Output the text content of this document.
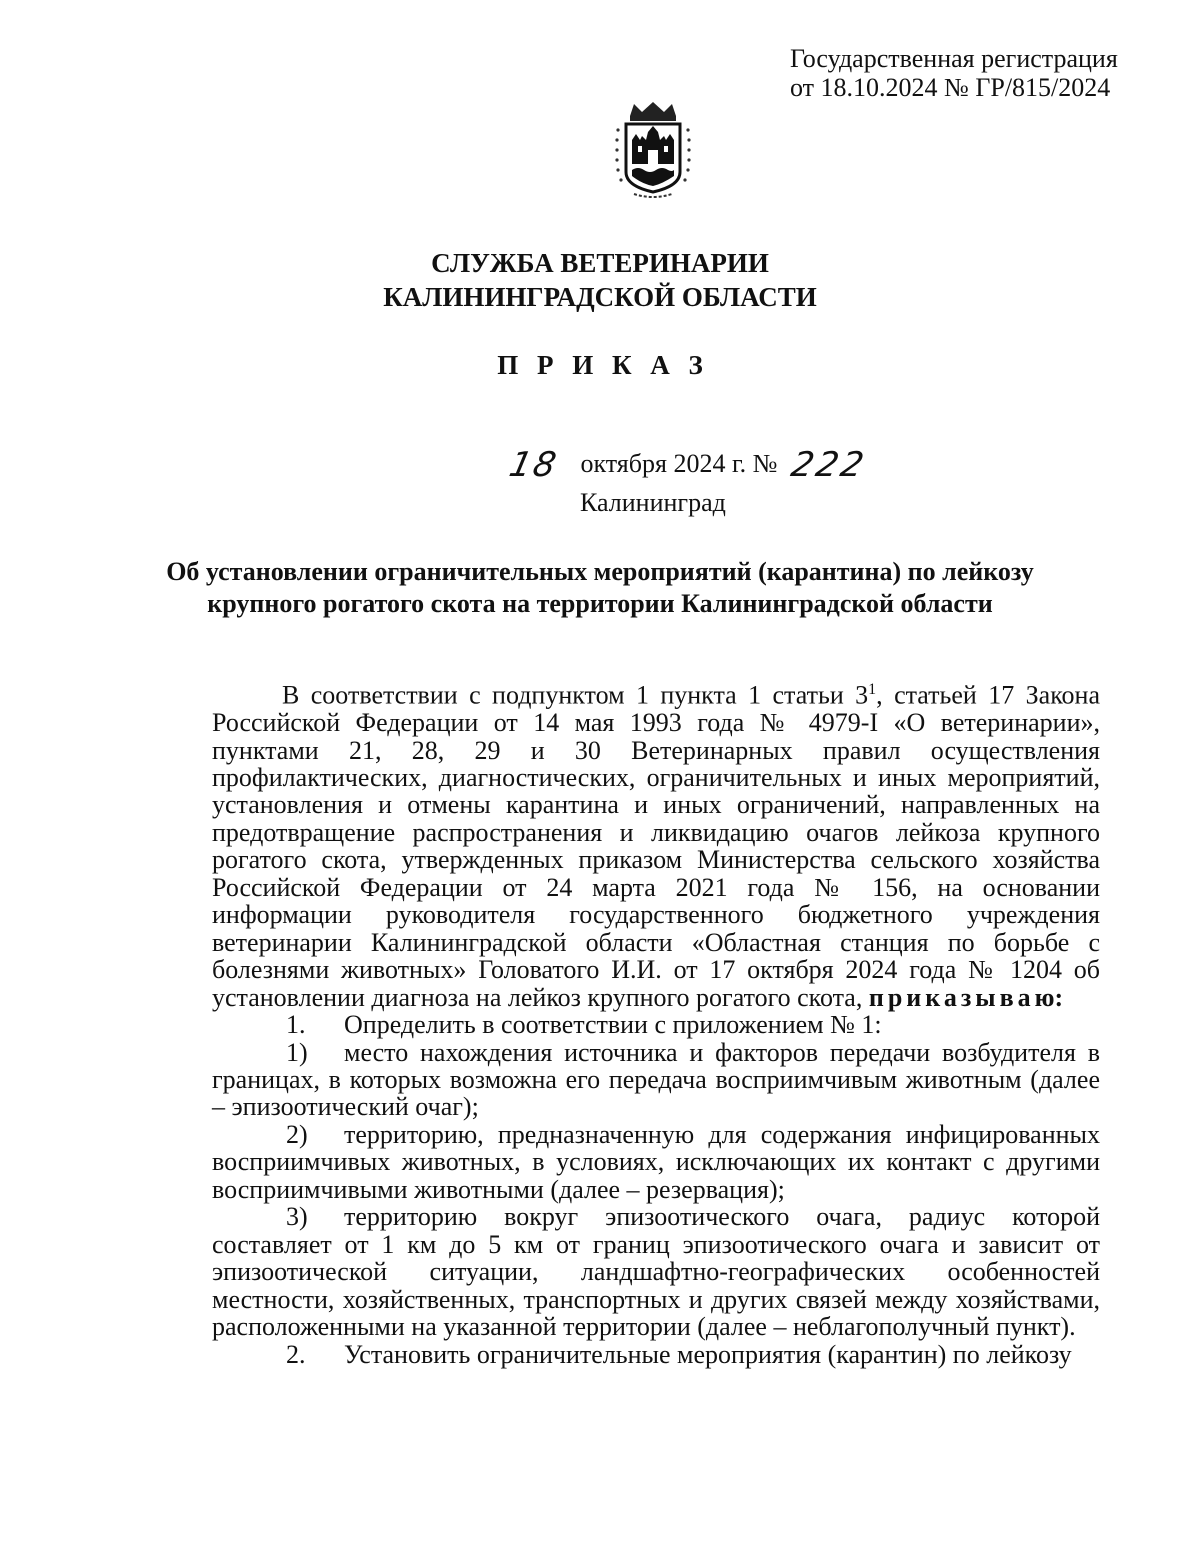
Государственная регистрация
от 18.10.2024 № ГР/815/2024
СЛУЖБА ВЕТЕРИНАРИИ
КАЛИНИНГРАДСКОЙ ОБЛАСТИ
П Р И К А З
18 октября 2024 г. № 222
Калининград
Об установлении ограничительных мероприятий (карантина) по лейкозу
крупного рогатого скота на территории Калининградской области

В соответствии с подпунктом 1 пункта 1 статьи $3^1$, статьей 17 Закона Российской Федерации от 14 мая 1993 года № 4979-I «О ветеринарии», пунктами 21, 28, 29 и 30 Ветеринарных правил осуществления профилактических, диагностических, ограничительных и иных мероприятий, установления и отмены карантина и иных ограничений, направленных на предотвращение распространения и ликвидацию очагов лейкоза крупного рогатого скота, утвержденных приказом Министерства сельского хозяйства Российской Федерации от 24 марта 2021 года № 156, на основании информации руководителя государственного бюджетного учреждения ветеринарии Калининградской области «Областная станция по борьбе с болезнями животных» Головатого И.И. от 17 октября 2024 года № 1204 об установлении диагноза на лейкоз крупного рогатого скота, приказываю:

1. Определить в соответствии с приложением № 1:

1) место нахождения источника и факторов передачи возбудителя в границах, в которых возможна его передача восприимчивым животным (далее – эпизоотический очаг);

2) территорию, предназначенную для содержания инфицированных восприимчивых животных, в условиях, исключающих их контакт с другими восприимчивыми животными (далее – резервация);

3) территорию вокруг эпизоотического очага, радиус которой составляет от 1 км до 5 км от границ эпизоотического очага и зависит от эпизоотической ситуации, ландшафтно-географических особенностей местности, хозяйственных, транспортных и других связей между хозяйствами, расположенными на указанной территории (далее – неблагополучный пункт).

2. Установить ограничительные мероприятия (карантин) по лейкозу
